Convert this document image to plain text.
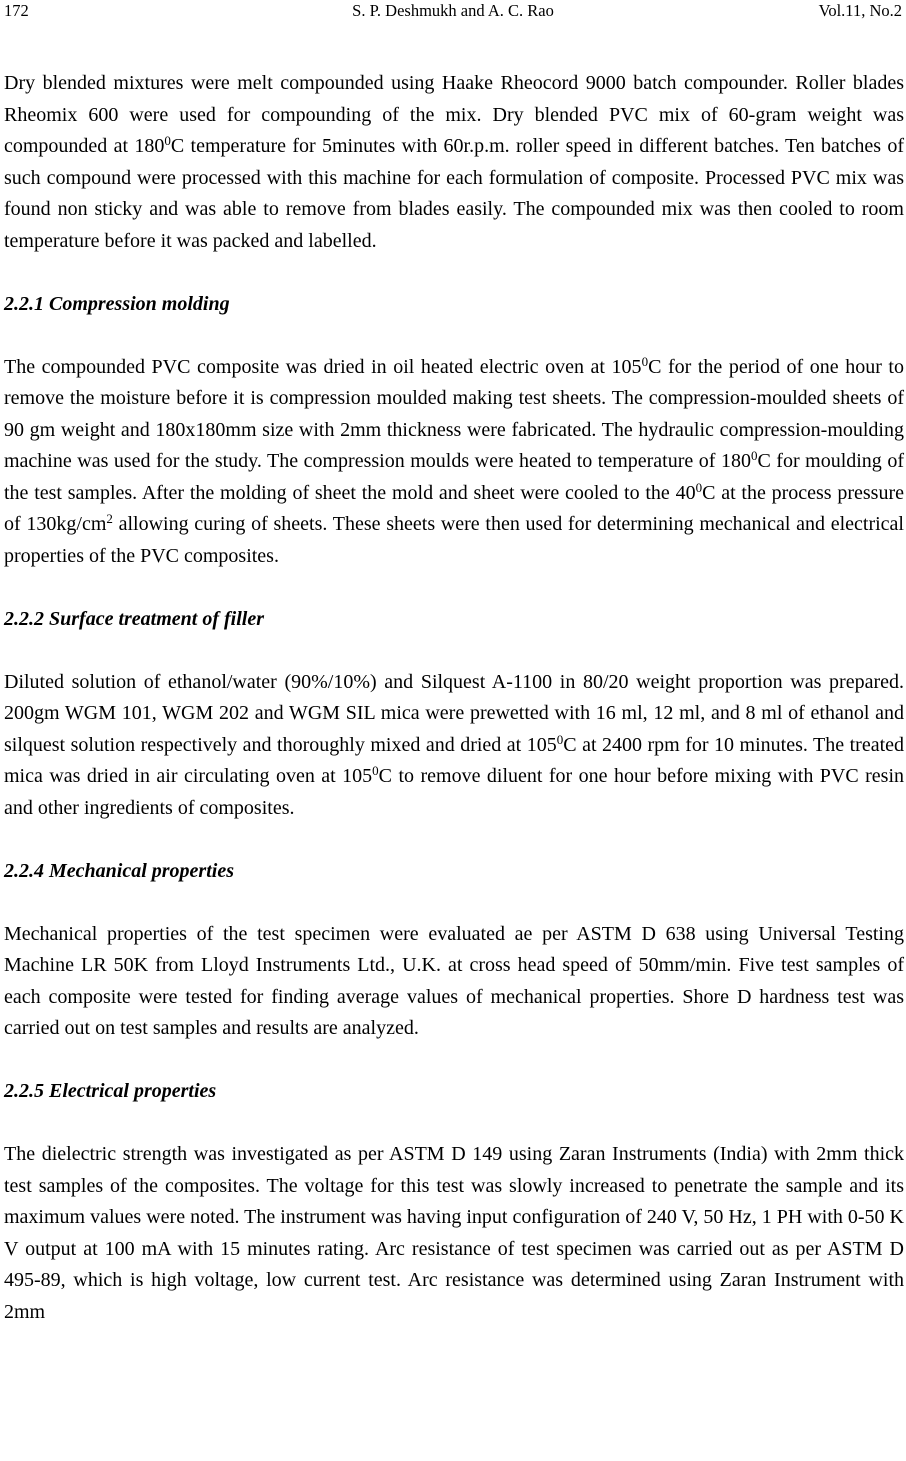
172	S. P. Deshmukh and A. C. Rao	Vol.11, No.2

Dry blended mixtures were melt compounded using Haake Rheocord 9000 batch compounder. Roller blades Rheomix 600 were used for compounding of the mix. Dry blended PVC mix of 60-gram weight was compounded at $180^0C$ temperature for 5minutes with 60r.p.m. roller speed in different batches. Ten batches of such compound were processed with this machine for each formulation of composite. Processed PVC mix was found non sticky and was able to remove from blades easily. The compounded mix was then cooled to room temperature before it was packed and labelled.

2.2.1 Compression molding

The compounded PVC composite was dried in oil heated electric oven at $105^0C$ for the period of one hour to remove the moisture before it is compression moulded making test sheets. The compression-moulded sheets of 90 gm weight and 180x180mm size with 2mm thickness were fabricated. The hydraulic compression-moulding machine was used for the study. The compression moulds were heated to temperature of $180^0C$ for moulding of the test samples. After the molding of sheet the mold and sheet were cooled to the $40^0C$ at the process pressure of $130kg/cm^2$ allowing curing of sheets. These sheets were then used for determining mechanical and electrical properties of the PVC composites.

2.2.2 Surface treatment of filler

Diluted solution of ethanol/water (90%/10%) and Silquest A-1100 in 80/20 weight proportion was prepared. 200gm WGM 101, WGM 202 and WGM SIL mica were prewetted with 16 ml, 12 ml, and 8 ml of ethanol and silquest solution respectively and thoroughly mixed and dried at $105^0C$ at 2400 rpm for 10 minutes. The treated mica was dried in air circulating oven at $105^0C$ to remove diluent for one hour before mixing with PVC resin and other ingredients of composites.

2.2.4 Mechanical properties

Mechanical properties of the test specimen were evaluated ae per ASTM D 638 using Universal Testing Machine LR 50K from Lloyd Instruments Ltd., U.K. at cross head speed of 50mm/min. Five test samples of each composite were tested for finding average values of mechanical properties. Shore D hardness test was carried out on test samples and results are analyzed.

2.2.5 Electrical properties

The dielectric strength was investigated as per ASTM D 149 using Zaran Instruments (India) with 2mm thick test samples of the composites. The voltage for this test was slowly increased to penetrate the sample and its maximum values were noted. The instrument was having input configuration of 240 V, 50 Hz, 1 PH with 0-50 K V output at 100 mA with 15 minutes rating. Arc resistance of test specimen was carried out as per ASTM D 495-89, which is high voltage, low current test. Arc resistance was determined using Zaran Instrument with 2mm
